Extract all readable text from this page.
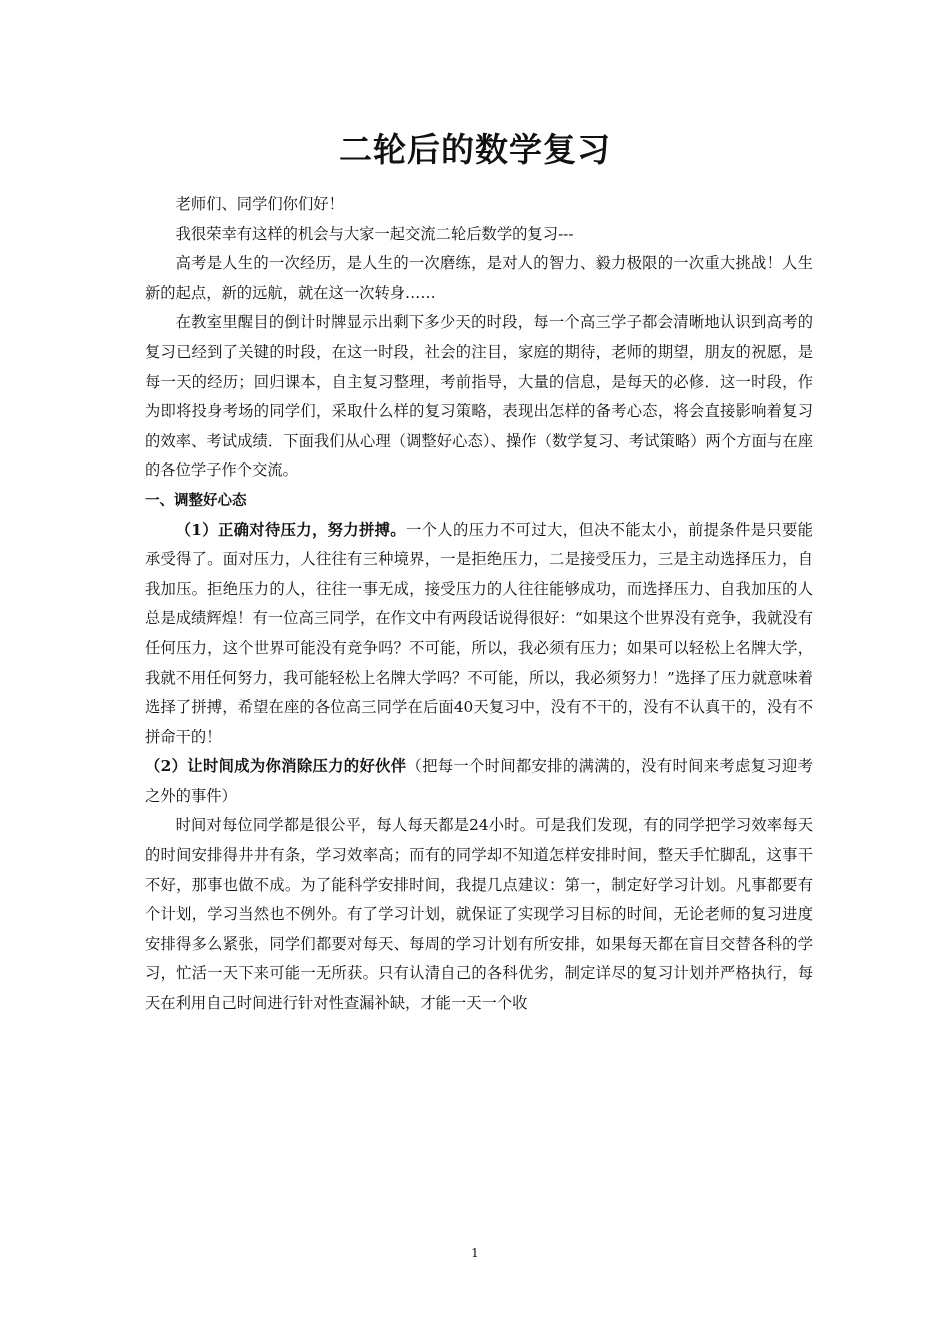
二轮后的数学复习

老师们、同学们你们好！

我很荣幸有这样的机会与大家一起交流二轮后数学的复习---

高考是人生的一次经历，是人生的一次磨练，是对人的智力、毅力极限的一次重大挑战！人生新的起点，新的远航，就在这一次转身……

在教室里醒目的倒计时牌显示出剩下多少天的时段，每一个高三学子都会清晰地认识到高考的复习已经到了关键的时段，在这一时段，社会的注目，家庭的期待，老师的期望，朋友的祝愿，是每一天的经历；回归课本，自主复习整理，考前指导，大量的信息，是每天的必修．这一时段，作为即将投身考场的同学们，采取什么样的复习策略，表现出怎样的备考心态，将会直接影响着复习的效率、考试成绩．下面我们从心理（调整好心态）、操作（数学复习、考试策略）两个方面与在座的各位学子作个交流。

一、调整好心态

（1）正确对待压力，努力拼搏。一个人的压力不可过大，但决不能太小，前提条件是只要能承受得了。面对压力，人往往有三种境界，一是拒绝压力，二是接受压力，三是主动选择压力，自我加压。拒绝压力的人，往往一事无成，接受压力的人往往能够成功，而选择压力、自我加压的人总是成绩辉煌！有一位高三同学，在作文中有两段话说得很好：“如果这个世界没有竞争，我就没有任何压力，这个世界可能没有竞争吗？不可能，所以，我必须有压力；如果可以轻松上名牌大学，我就不用任何努力，我可能轻松上名牌大学吗？不可能，所以，我必须努力！”选择了压力就意味着选择了拼搏，希望在座的各位高三同学在后面40天复习中，没有不干的，没有不认真干的，没有不拼命干的！

（2）让时间成为你消除压力的好伙伴（把每一个时间都安排的满满的，没有时间来考虑复习迎考之外的事件）

时间对每位同学都是很公平，每人每天都是24小时。可是我们发现，有的同学把学习效率每天的时间安排得井井有条，学习效率高；而有的同学却不知道怎样安排时间，整天手忙脚乱，这事干不好，那事也做不成。为了能科学安排时间，我提几点建议：第一，制定好学习计划。凡事都要有个计划，学习当然也不例外。有了学习计划，就保证了实现学习目标的时间，无论老师的复习进度安排得多么紧张，同学们都要对每天、每周的学习计划有所安排，如果每天都在盲目交替各科的学习，忙活一天下来可能一无所获。只有认清自己的各科优劣，制定详尽的复习计划并严格执行，每天在利用自己时间进行针对性查漏补缺，才能一天一个收

1
